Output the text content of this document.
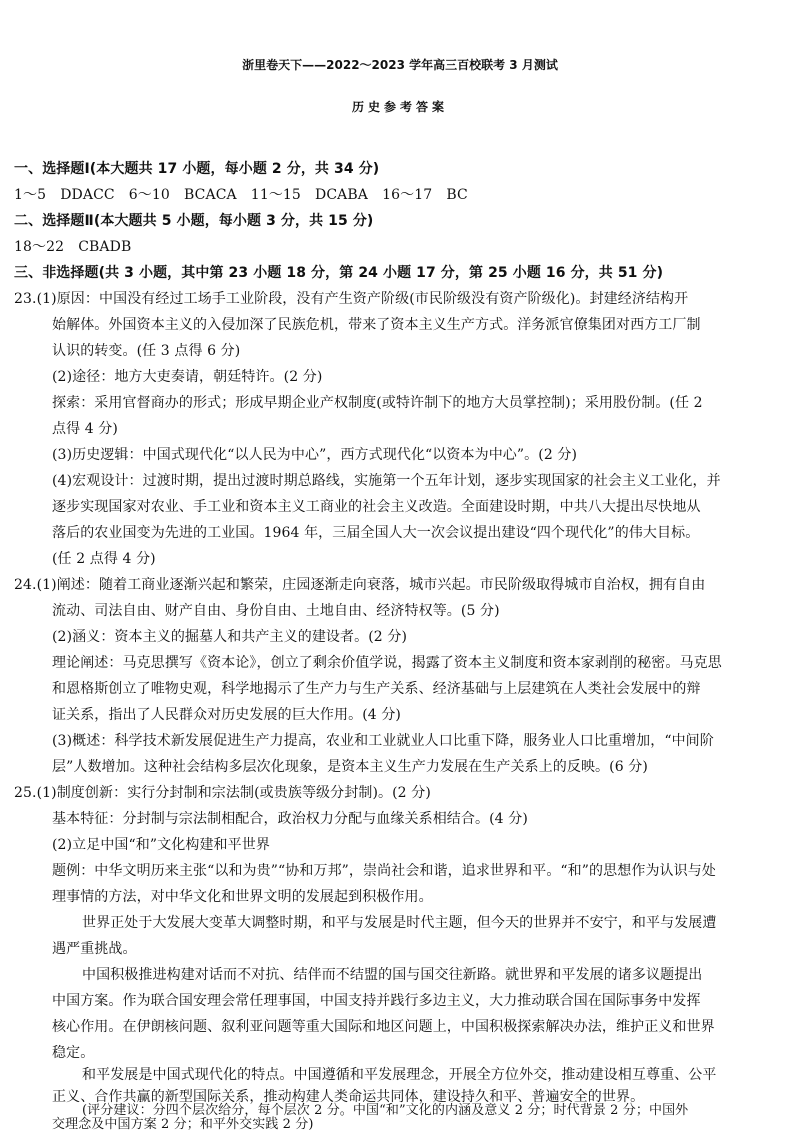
浙里卷天下——2022～2023 学年高三百校联考 3 月测试
历史参考答案
一、选择题Ⅰ(本大题共 17 小题，每小题 2 分，共 34 分)
1～5　DDACC　6～10　BCACA　11～15　DCABA　16～17　BC
二、选择题Ⅱ(本大题共 5 小题，每小题 3 分，共 15 分)
18～22　CBADB
三、非选择题(共 3 小题，其中第 23 小题 18 分，第 24 小题 17 分，第 25 小题 16 分，共 51 分)
23.(1)原因：中国没有经过工场手工业阶段，没有产生资产阶级(市民阶级没有资产阶级化)。封建经济结构开
始解体。外国资本主义的入侵加深了民族危机，带来了资本主义生产方式。洋务派官僚集团对西方工厂制
认识的转变。(任 3 点得 6 分)
(2)途径：地方大吏奏请，朝廷特许。(2 分)
探索：采用官督商办的形式；形成早期企业产权制度(或特许制下的地方大员掌控制)；采用股份制。(任 2
点得 4 分)
(3)历史逻辑：中国式现代化“以人民为中心”，西方式现代化“以资本为中心”。(2 分)
(4)宏观设计：过渡时期，提出过渡时期总路线，实施第一个五年计划，逐步实现国家的社会主义工业化，并
逐步实现国家对农业、手工业和资本主义工商业的社会主义改造。全面建设时期，中共八大提出尽快地从
落后的农业国变为先进的工业国。1964 年，三届全国人大一次会议提出建设“四个现代化”的伟大目标。
(任 2 点得 4 分)
24.(1)阐述：随着工商业逐渐兴起和繁荣，庄园逐渐走向衰落，城市兴起。市民阶级取得城市自治权，拥有自由
流动、司法自由、财产自由、身份自由、土地自由、经济特权等。(5 分)
(2)涵义：资本主义的掘墓人和共产主义的建设者。(2 分)
理论阐述：马克思撰写《资本论》，创立了剩余价值学说，揭露了资本主义制度和资本家剥削的秘密。马克思
和恩格斯创立了唯物史观，科学地揭示了生产力与生产关系、经济基础与上层建筑在人类社会发展中的辩
证关系，指出了人民群众对历史发展的巨大作用。(4 分)
(3)概述：科学技术新发展促进生产力提高，农业和工业就业人口比重下降，服务业人口比重增加，“中间阶
层”人数增加。这种社会结构多层次化现象，是资本主义生产力发展在生产关系上的反映。(6 分)
25.(1)制度创新：实行分封制和宗法制(或贵族等级分封制)。(2 分)
基本特征：分封制与宗法制相配合，政治权力分配与血缘关系相结合。(4 分)
(2)立足中国“和”文化构建和平世界
题例：中华文明历来主张“以和为贵”“协和万邦”，崇尚社会和谐，追求世界和平。“和”的思想作为认识与处
理事情的方法，对中华文化和世界文明的发展起到积极作用。
世界正处于大发展大变革大调整时期，和平与发展是时代主题，但今天的世界并不安宁，和平与发展遭
遇严重挑战。
中国积极推进构建对话而不对抗、结伴而不结盟的国与国交往新路。就世界和平发展的诸多议题提出
中国方案。作为联合国安理会常任理事国，中国支持并践行多边主义，大力推动联合国在国际事务中发挥
核心作用。在伊朗核问题、叙利亚问题等重大国际和地区问题上，中国积极探索解决办法，维护正义和世界
稳定。
和平发展是中国式现代化的特点。中国遵循和平发展理念，开展全方位外交，推动建设相互尊重、公平
正义、合作共赢的新型国际关系，推动构建人类命运共同体，建设持久和平、普遍安全的世界。
(评分建议：分四个层次给分，每个层次 2 分。中国“和”文化的内涵及意义 2 分；时代背景 2 分；中国外
交理念及中国方案 2 分；和平外交实践 2 分)
